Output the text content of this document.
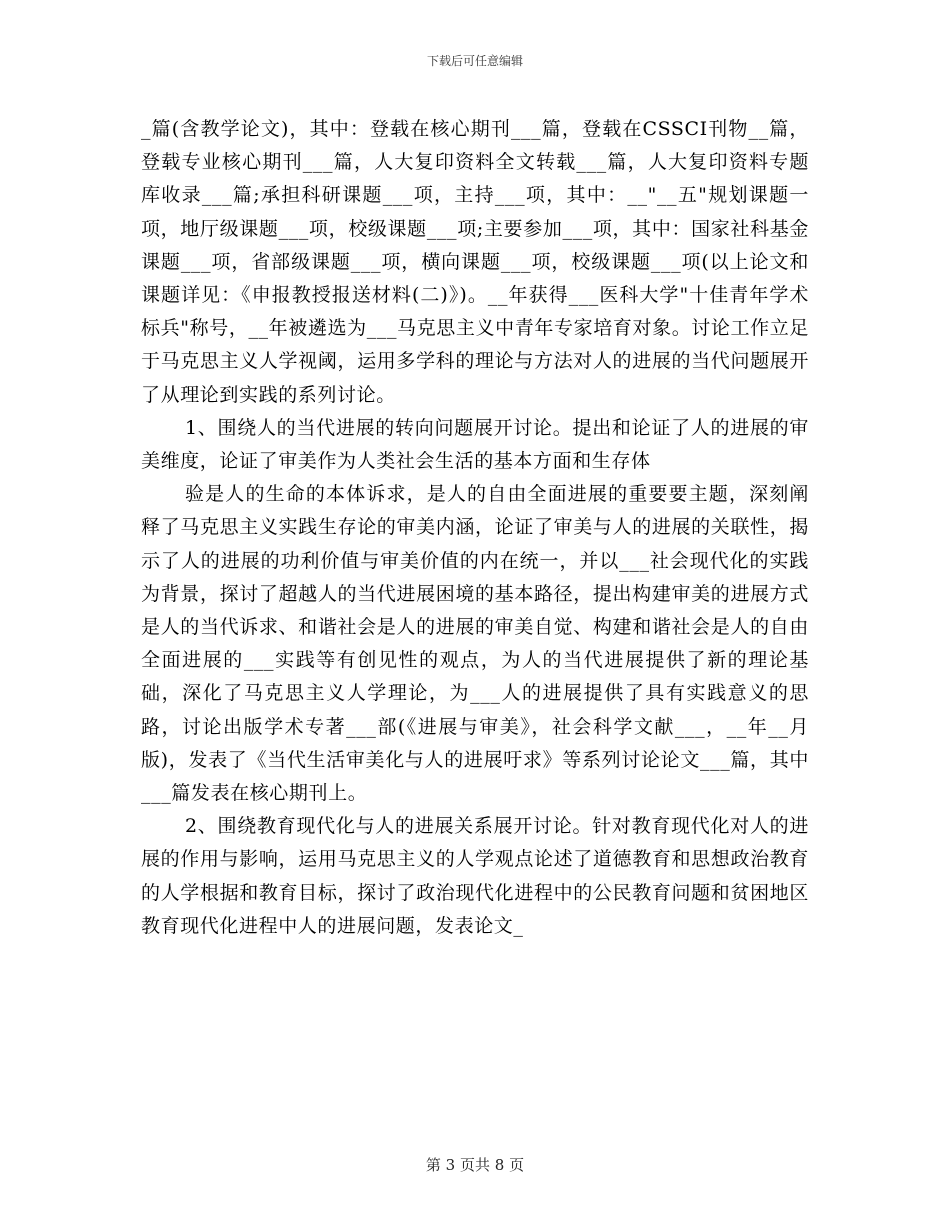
下载后可任意编辑

_篇(含教学论文)，其中：登载在核心期刊___篇，登载在CSSCI刊物__篇，登载专业核心期刊___篇，人大复印资料全文转载___篇，人大复印资料专题库收录___篇;承担科研课题___项，主持___项，其中：__"__五"规划课题一项，地厅级课题___项，校级课题___项;主要参加___项，其中：国家社科基金课题___项，省部级课题___项，横向课题___项，校级课题___项(以上论文和课题详见：《申报教授报送材料(二)》)。__年获得___医科大学"十佳青年学术标兵"称号，__年被遴选为___马克思主义中青年专家培育对象。讨论工作立足于马克思主义人学视阈，运用多学科的理论与方法对人的进展的当代问题展开了从理论到实践的系列讨论。

1、围绕人的当代进展的转向问题展开讨论。提出和论证了人的进展的审美维度，论证了审美作为人类社会生活的基本方面和生存体

验是人的生命的本体诉求，是人的自由全面进展的重要要主题，深刻阐释了马克思主义实践生存论的审美内涵，论证了审美与人的进展的关联性，揭示了人的进展的功利价值与审美价值的内在统一，并以___社会现代化的实践为背景，探讨了超越人的当代进展困境的基本路径，提出构建审美的进展方式是人的当代诉求、和谐社会是人的进展的审美自觉、构建和谐社会是人的自由全面进展的___实践等有创见性的观点，为人的当代进展提供了新的理论基础，深化了马克思主义人学理论，为___人的进展提供了具有实践意义的思路，讨论出版学术专著___部(《进展与审美》，社会科学文献___，__年__月版)，发表了《当代生活审美化与人的进展吁求》等系列讨论论文___篇，其中___篇发表在核心期刊上。

2、围绕教育现代化与人的进展关系展开讨论。针对教育现代化对人的进展的作用与影响，运用马克思主义的人学观点论述了道德教育和思想政治教育的人学根据和教育目标，探讨了政治现代化进程中的公民教育问题和贫困地区教育现代化进程中人的进展问题，发表论文_

第 3 页共 8 页
